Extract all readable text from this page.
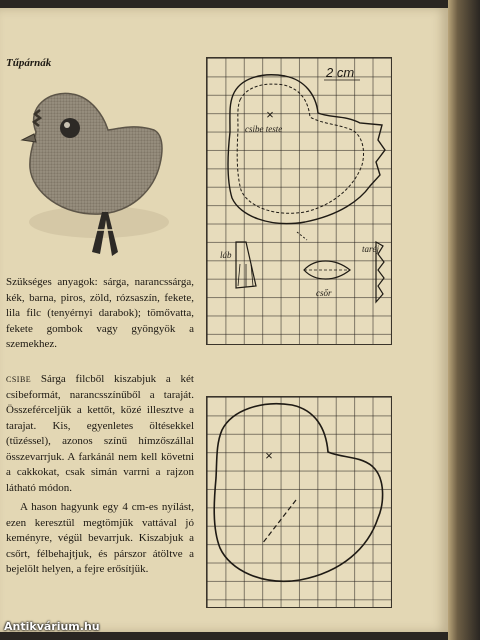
Tűpárnák

Szükséges anyagok: sárga, narancssárga, kék, barna, piros, zöld, rózsaszín, fekete, lila filc (tenyérnyi darabok); tömővatta, fekete gombok vagy gyöngyök a szemekhez.

csibe Sárga filcből kiszabjuk a két csibeformát, narancsszínűből a taraját. Összeférceljük a kettőt, közé illesztve a tarajat. Kis, egyenletes öltésekkel (tűzéssel), azonos színű hímzőszállal összevarrjuk. A farkánál nem kell követni a cakkokat, csak simán varrni a rajzon látható módon.

A hason hagyunk egy 4 cm-es nyílást, ezen keresztül megtömjük vattával jó keményre, végül bevarrjuk. Kiszabjuk a csőrt, félbehajtjuk, és párszor átöltve a bejelölt helyen, a fejre erősítjük.

2 cm
×
csibe teste
láb
csőr
taréj
×
Antikvárium.hu
